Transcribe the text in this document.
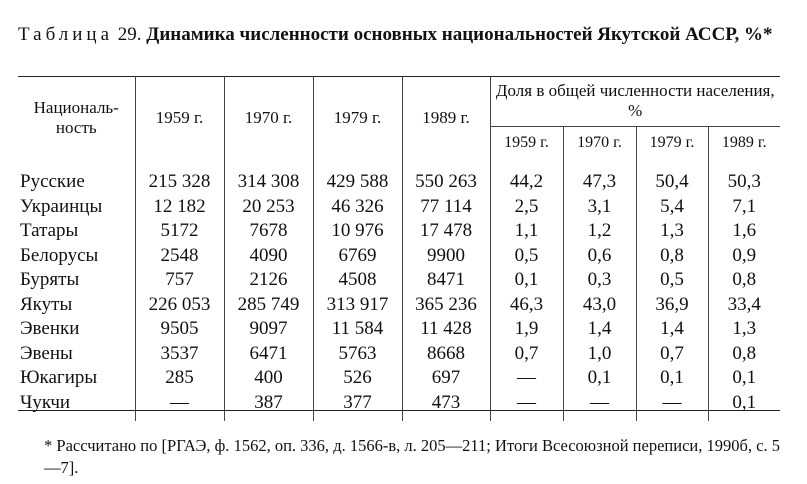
Таблица 29. Динамика численности основных национальностей Якутской АССР, %*
Националь-ность	1959 г.	1970 г.	1979 г.	1989 г.	Доля в общей численности населения, %			
					1959 г.	1970 г.	1979 г.	1989 г.
Русские	215 328	314 308	429 588	550 263	44,2	47,3	50,4	50,3
Украинцы	12 182	20 253	46 326	77 114	2,5	3,1	5,4	7,1
Татары	5172	7678	10 976	17 478	1,1	1,2	1,3	1,6
Белорусы	2548	4090	6769	9900	0,5	0,6	0,8	0,9
Буряты	757	2126	4508	8471	0,1	0,3	0,5	0,8
Якуты	226 053	285 749	313 917	365 236	46,3	43,0	36,9	33,4
Эвенки	9505	9097	11 584	11 428	1,9	1,4	1,4	1,3
Эвены	3537	6471	5763	8668	0,7	1,0	0,7	0,8
Юкагиры	285	400	526	697	—	0,1	0,1	0,1
Чукчи	—	387	377	473	—	—	—	0,1
* Рассчитано по [РГАЭ, ф. 1562, оп. 336, д. 1566-в, л. 205—211; Итоги Всесоюзной переписи, 1990б, с. 5—7].
